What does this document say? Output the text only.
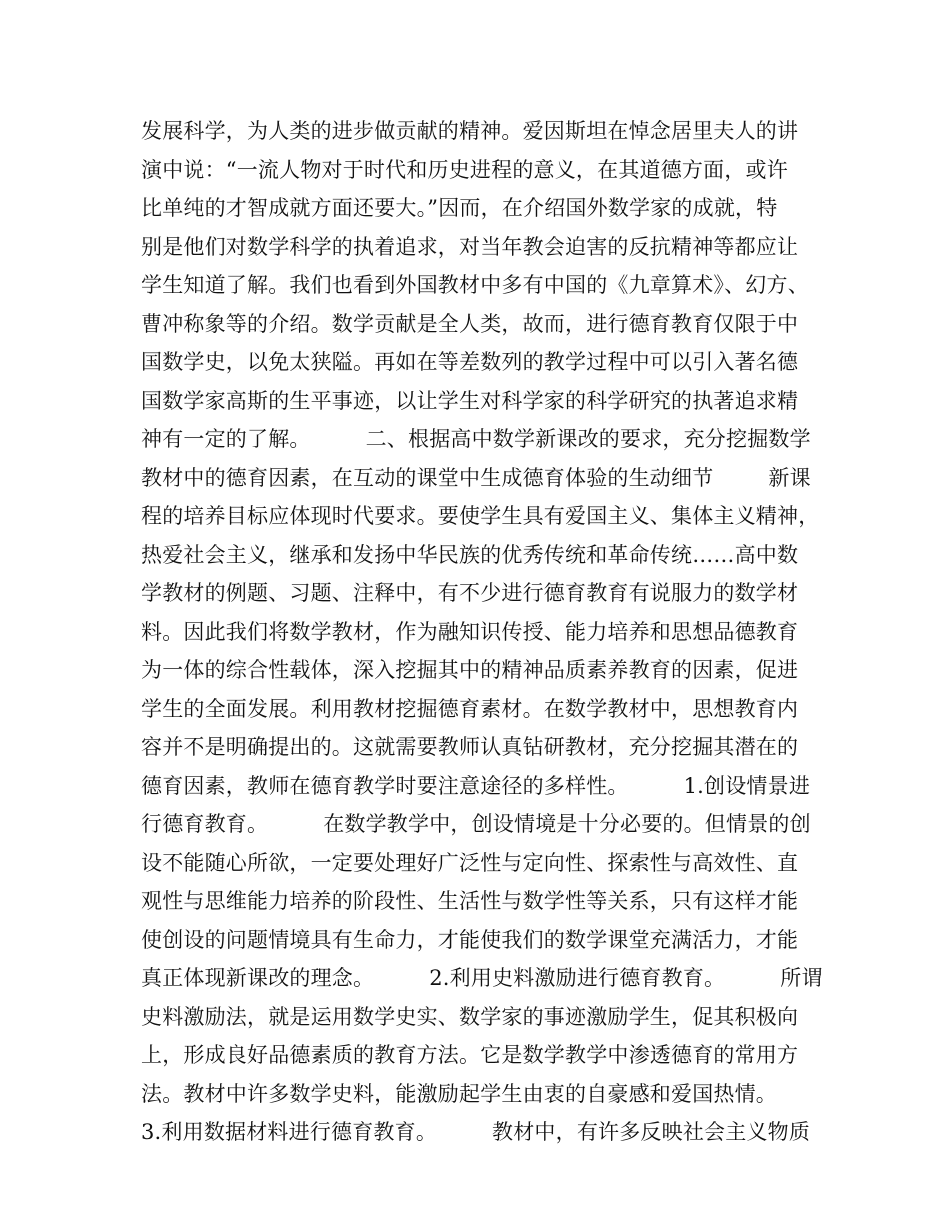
发展科学，为人类的进步做贡献的精神。爱因斯坦在悼念居里夫人的讲
演中说：“一流人物对于时代和历史进程的意义，在其道德方面，或许
比单纯的才智成就方面还要大。”因而，在介绍国外数学家的成就，特
别是他们对数学科学的执着追求，对当年教会迫害的反抗精神等都应让
学生知道了解。我们也看到外国教材中多有中国的《九章算术》、幻方、
曹冲称象等的介绍。数学贡献是全人类，故而，进行德育教育仅限于中
国数学史，以免太狭隘。再如在等差数列的教学过程中可以引入著名德
国数学家高斯的生平事迹，以让学生对科学家的科学研究的执著追求精
神有一定的了解。        二、根据高中数学新课改的要求，充分挖掘数学
教材中的德育因素，在互动的课堂中生成德育体验的生动细节        新课
程的培养目标应体现时代要求。要使学生具有爱国主义、集体主义精神，
热爱社会主义，继承和发扬中华民族的优秀传统和革命传统……高中数
学教材的例题、习题、注释中，有不少进行德育教育有说服力的数学材
料。因此我们将数学教材，作为融知识传授、能力培养和思想品德教育
为一体的综合性载体，深入挖掘其中的精神品质素养教育的因素，促进
学生的全面发展。利用教材挖掘德育素材。在数学教材中，思想教育内
容并不是明确提出的。这就需要教师认真钻研教材，充分挖掘其潜在的
德育因素，教师在德育教学时要注意途径的多样性。        1.创设情景进
行德育教育。        在数学教学中，创设情境是十分必要的。但情景的创
设不能随心所欲，一定要处理好广泛性与定向性、探索性与高效性、直
观性与思维能力培养的阶段性、生活性与数学性等关系，只有这样才能
使创设的问题情境具有生命力，才能使我们的数学课堂充满活力，才能
真正体现新课改的理念。        2.利用史料激励进行德育教育。        所谓
史料激励法，就是运用数学史实、数学家的事迹激励学生，促其积极向
上，形成良好品德素质的教育方法。它是数学教学中渗透德育的常用方
法。教材中许多数学史料，能激励起学生由衷的自豪感和爱国热情。
3.利用数据材料进行德育教育。        教材中，有许多反映社会主义物质
